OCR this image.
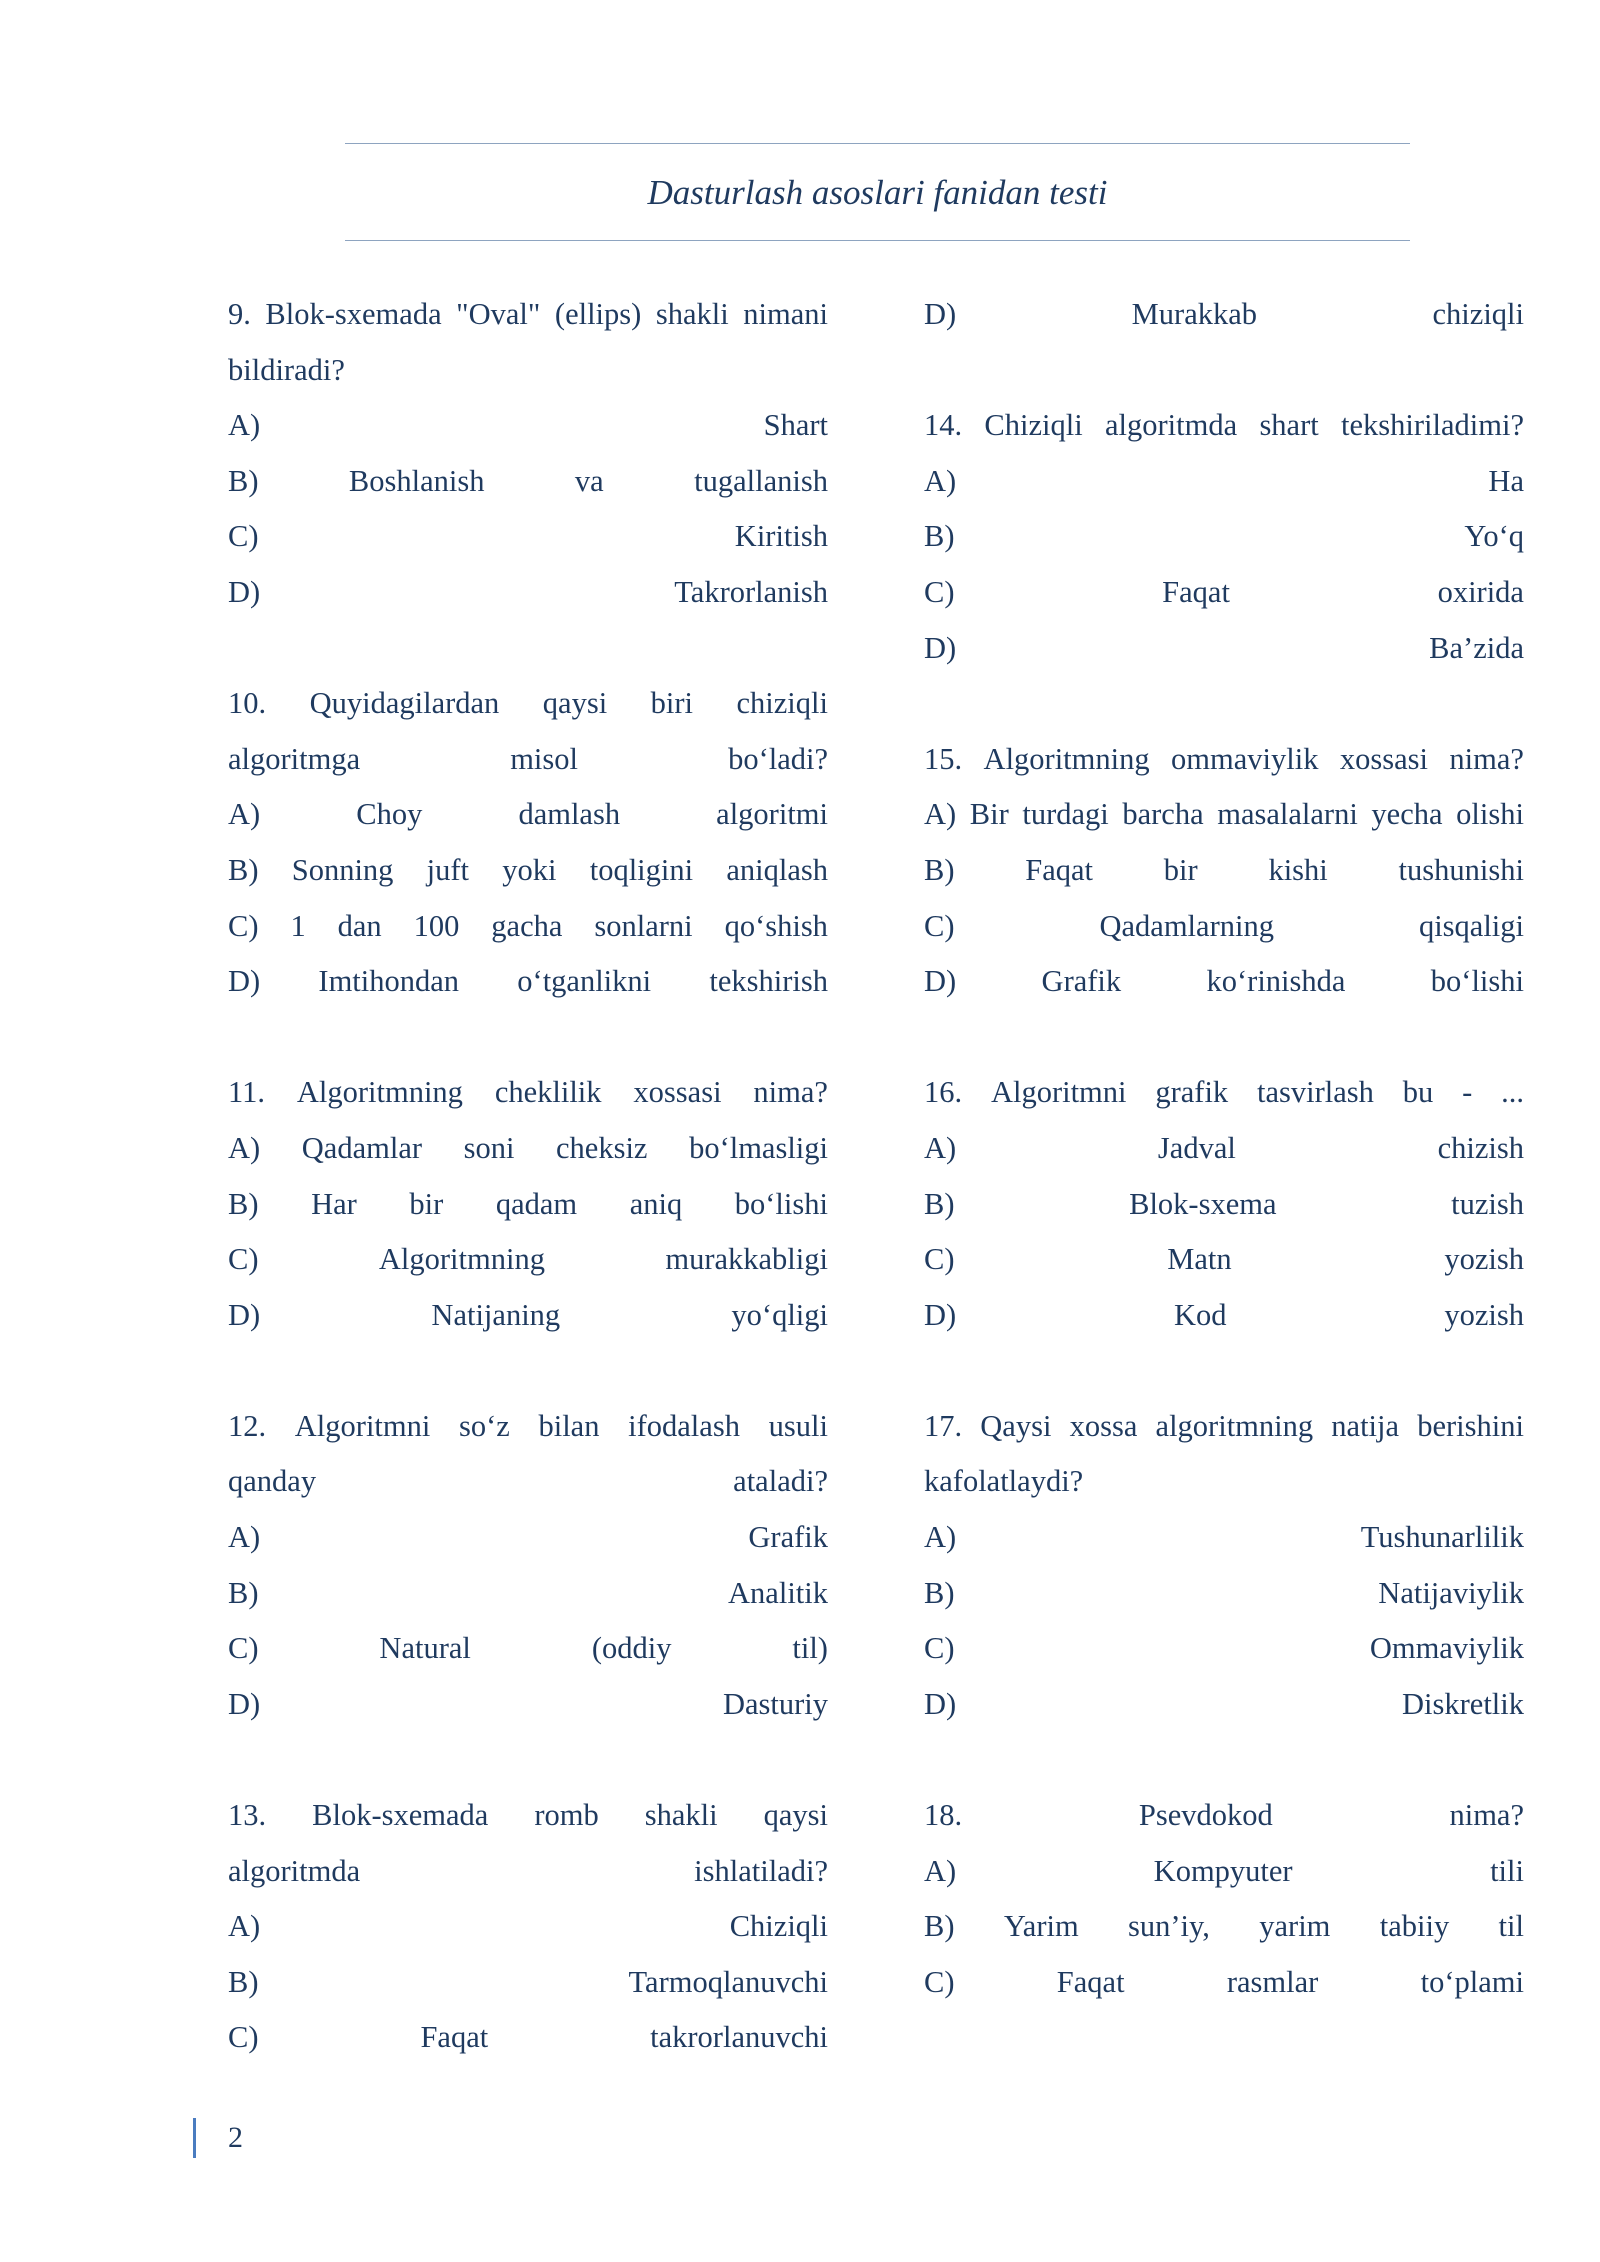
Dasturlash asoslari fanidan testi
9. Blok-sxemada "Oval" (ellips) shakli nimani
bildiradi?
A)	Shart
B)	Boshlanish	va	tugallanish
C)	Kiritish
D)	Takrorlanish
10. Quyidagilardan qaysi biri chiziqli
algoritmga	misol	bo‘ladi?
A)	Choy	damlash	algoritmi
B) Sonning juft yoki toqligini aniqlash
C) 1 dan 100 gacha sonlarni qo‘shish
D) Imtihondan o‘tganlikni tekshirish
11. Algoritmning cheklilik xossasi nima?
A) Qadamlar soni cheksiz bo‘lmasligi
B) Har bir qadam aniq bo‘lishi
C)	Algoritmning	murakkabligi
D)	Natijaning	yo‘qligi
12. Algoritmni so‘z bilan ifodalash usuli
qanday	ataladi?
A)	Grafik
B)	Analitik
C)	Natural	(oddiy	til)
D)	Dasturiy
13. Blok-sxemada romb shakli qaysi
algoritmda	ishlatiladi?
A)	Chiziqli
B)	Tarmoqlanuvchi
C)	Faqat	takrorlanuvchi
D)	Murakkab	chiziqli
14. Chiziqli algoritmda shart tekshiriladimi?
A)	Ha
B)	Yo‘q
C)	Faqat	oxirida
D)	Ba’zida
15. Algoritmning ommaviylik xossasi nima?
A) Bir turdagi barcha masalalarni yecha olishi
B) Faqat bir kishi tushunishi
C)	Qadamlarning	qisqaligi
D)	Grafik	ko‘rinishda	bo‘lishi
16. Algoritmni grafik tasvirlash bu - ...
A)	Jadval	chizish
B)	Blok-sxema	tuzish
C)	Matn	yozish
D)	Kod	yozish
17. Qaysi xossa algoritmning natija berishini
kafolatlaydi?
A)	Tushunarlilik
B)	Natijaviylik
C)	Ommaviylik
D)	Diskretlik
18.	Psevdokod	nima?
A)	Kompyuter	tili
B) Yarim sun’iy, yarim tabiiy til
C)	Faqat	rasmlar	to‘plami
2
